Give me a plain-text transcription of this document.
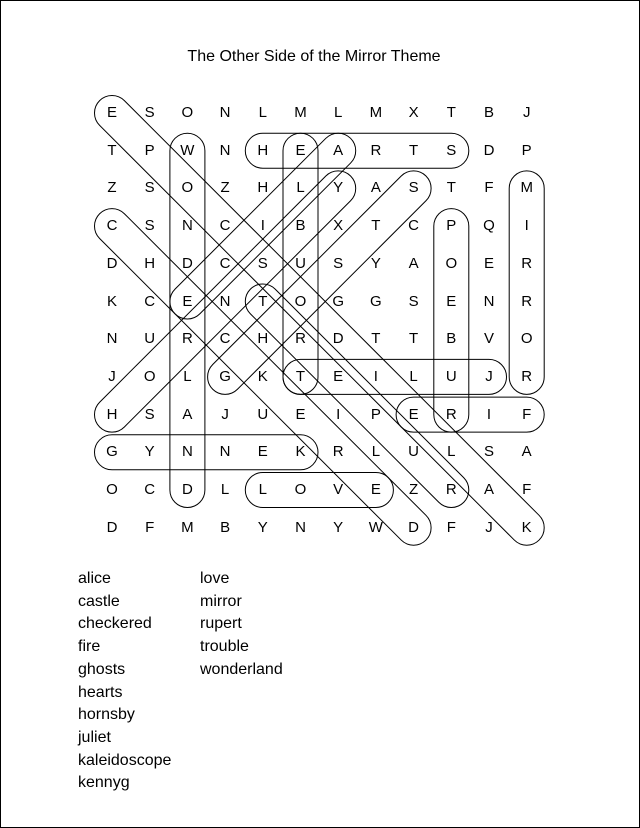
The Other Side of the Mirror Theme
E	S	O	N	L	M	L	M	X	T	B	J
T	P	W	N	H	E	A	R	T	S	D	P
Z	S	O	Z	H	L	Y	A	S	T	F	M
C	S	N	C	I	B	X	T	C	P	Q	I
D	H	D	C	S	U	S	Y	A	O	E	R
K	C	E	N	T	O	G	G	S	E	N	R
N	U	R	C	H	R	D	T	T	B	V	O
J	O	L	G	K	T	E	I	L	U	J	R
H	S	A	J	U	E	I	P	E	R	I	F
G	Y	N	N	E	K	R	L	U	L	S	A
O	C	D	L	L	O	V	E	Z	R	A	F
D	F	M	B	Y	N	Y	W	D	F	J	K
alice
castle
checkered
fire
ghosts
hearts
hornsby
juliet
kaleidoscope
kennyg
love
mirror
rupert
trouble
wonderland
